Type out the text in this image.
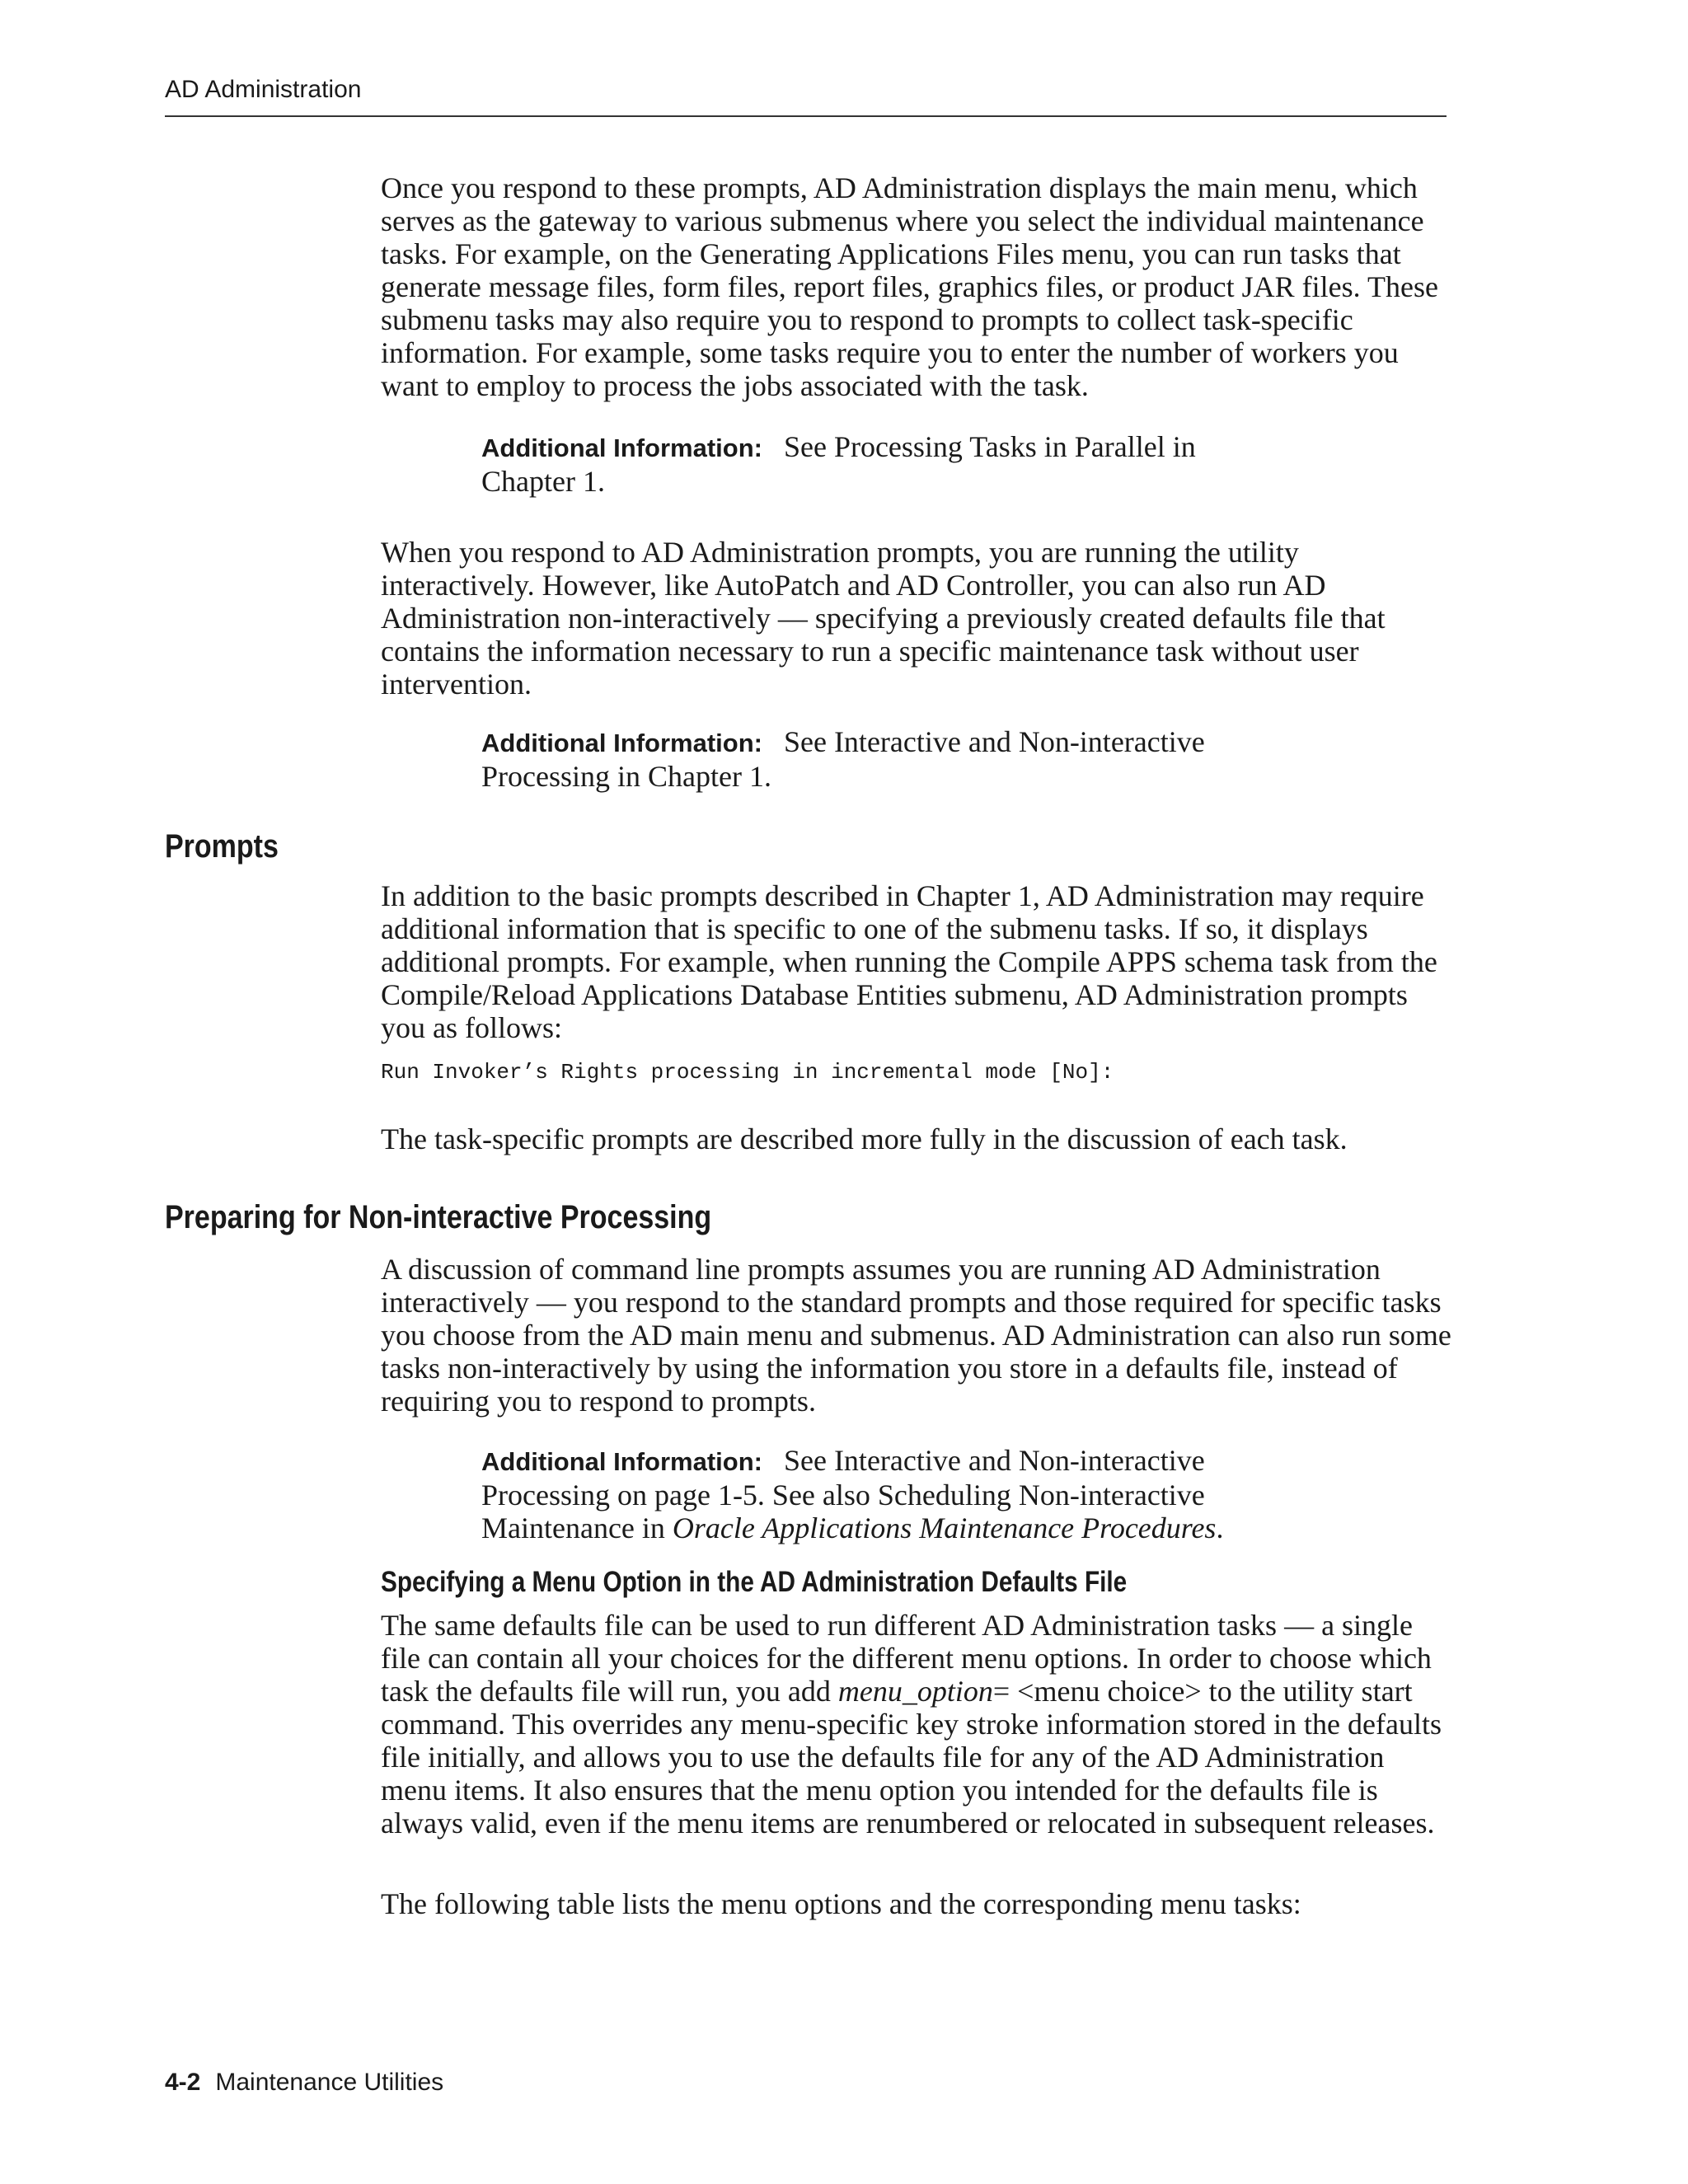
AD Administration

Once you respond to these prompts, AD Administration displays the main menu, which serves as the gateway to various submenus where you select the individual maintenance tasks. For example, on the Generating Applications Files menu, you can run tasks that generate message files, form files, report files, graphics files, or product JAR files. These submenu tasks may also require you to respond to prompts to collect task-specific information. For example, some tasks require you to enter the number of workers you want to employ to process the jobs associated with the task.

Additional Information: See Processing Tasks in Parallel in Chapter 1.

When you respond to AD Administration prompts, you are running the utility interactively. However, like AutoPatch and AD Controller, you can also run AD Administration non-interactively — specifying a previously created defaults file that contains the information necessary to run a specific maintenance task without user intervention.

Additional Information: See Interactive and Non-interactive Processing in Chapter 1.
Prompts

In addition to the basic prompts described in Chapter 1, AD Administration may require additional information that is specific to one of the submenu tasks. If so, it displays additional prompts. For example, when running the Compile APPS schema task from the Compile/Reload Applications Database Entities submenu, AD Administration prompts you as follows:

Run Invoker’s Rights processing in incremental mode [No]:

The task-specific prompts are described more fully in the discussion of each task.

Preparing for Non-interactive Processing

A discussion of command line prompts assumes you are running AD Administration interactively — you respond to the standard prompts and those required for specific tasks you choose from the AD main menu and submenus. AD Administration can also run some tasks non-interactively by using the information you store in a defaults file, instead of requiring you to respond to prompts.

Additional Information: See Interactive and Non-interactive Processing on page 1-5. See also Scheduling Non-interactive Maintenance in Oracle Applications Maintenance Procedures.
Specifying a Menu Option in the AD Administration Defaults File

The same defaults file can be used to run different AD Administration tasks — a single file can contain all your choices for the different menu options. In order to choose which task the defaults file will run, you add menu_option= <menu choice> to the utility start command. This overrides any menu-specific key stroke information stored in the defaults file initially, and allows you to use the defaults file for any of the AD Administration menu items. It also ensures that the menu option you intended for the defaults file is always valid, even if the menu items are renumbered or relocated in subsequent releases.

The following table lists the menu options and the corresponding menu tasks:

4-2 Maintenance Utilities
